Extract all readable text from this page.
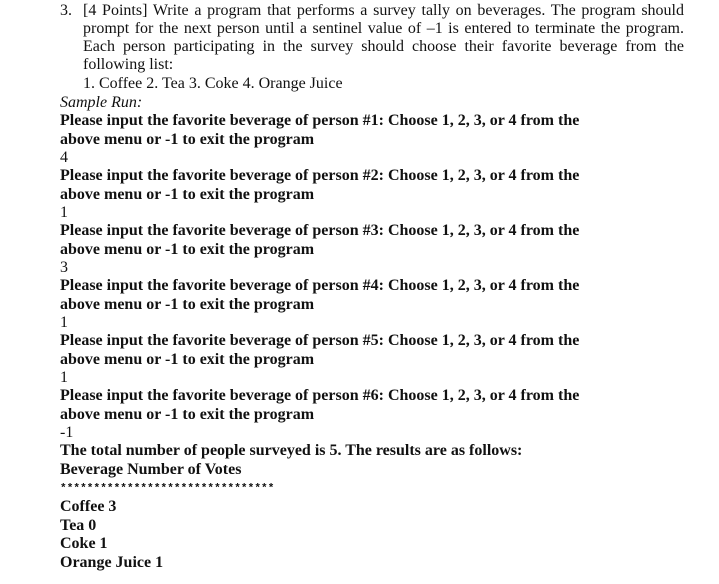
3. [4 Points] Write a program that performs a survey tally on beverages. The program should
prompt for the next person until a sentinel value of –1 is entered to terminate the program.
Each person participating in the survey should choose their favorite beverage from the
following list:
1. Coffee 2. Tea 3. Coke 4. Orange Juice
Sample Run:
Please input the favorite beverage of person #1: Choose 1, 2, 3, or 4 from the
above menu or -1 to exit the program
4
Please input the favorite beverage of person #2: Choose 1, 2, 3, or 4 from the
above menu or -1 to exit the program
1
Please input the favorite beverage of person #3: Choose 1, 2, 3, or 4 from the
above menu or -1 to exit the program
3
Please input the favorite beverage of person #4: Choose 1, 2, 3, or 4 from the
above menu or -1 to exit the program
1
Please input the favorite beverage of person #5: Choose 1, 2, 3, or 4 from the
above menu or -1 to exit the program
1
Please input the favorite beverage of person #6: Choose 1, 2, 3, or 4 from the
above menu or -1 to exit the program
-1
The total number of people surveyed is 5. The results are as follows:
Beverage Number of Votes
********************************
Coffee 3
Tea 0
Coke 1
Orange Juice 1
